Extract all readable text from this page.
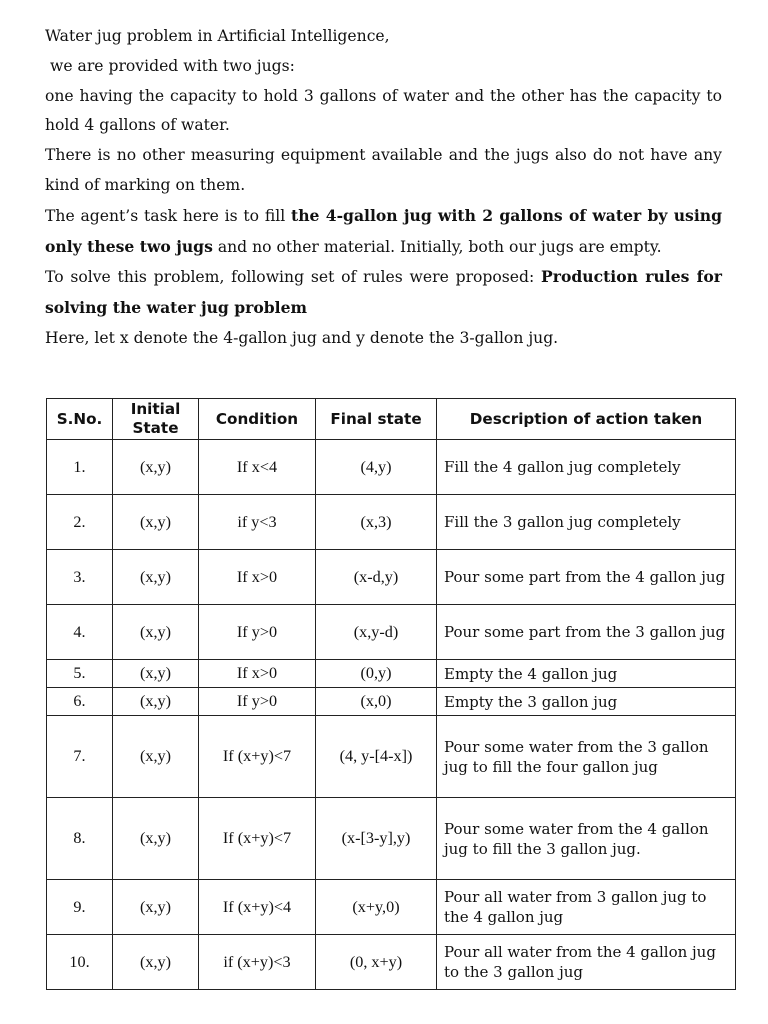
Water jug problem in Artificial Intelligence,

we are provided with two jugs:

one having the capacity to hold 3 gallons of water and the other has the capacity to hold 4 gallons of water.

There is no other measuring equipment available and the jugs also do not have any kind of marking on them.

The agent’s task here is to fill the 4-gallon jug with 2 gallons of water by using only these two jugs and no other material. Initially, both our jugs are empty.

To solve this problem, following set of rules were proposed: Production rules for solving the water jug problem

Here, let x denote the 4-gallon jug and y denote the 3-gallon jug.

S.No.	Initial State	Condition	Final state	Description of action taken
1.	(x,y)	If x<4	(4,y)	Fill the 4 gallon jug completely
2.	(x,y)	if y<3	(x,3)	Fill the 3 gallon jug completely
3.	(x,y)	If x>0	(x-d,y)	Pour some part from the 4 gallon jug
4.	(x,y)	If y>0	(x,y-d)	Pour some part from the 3 gallon jug
5.	(x,y)	If x>0	(0,y)	Empty the 4 gallon jug
6.	(x,y)	If y>0	(x,0)	Empty the 3 gallon jug
7.	(x,y)	If (x+y)<7	(4, y-[4-x])	Pour some water from the 3 gallon jug to fill the four gallon jug
8.	(x,y)	If (x+y)<7	(x-[3-y],y)	Pour some water from the 4 gallon jug to fill the 3 gallon jug.
9.	(x,y)	If (x+y)<4	(x+y,0)	Pour all water from 3 gallon jug to the 4 gallon jug
10.	(x,y)	if (x+y)<3	(0, x+y)	Pour all water from the 4 gallon jug to the 3 gallon jug
